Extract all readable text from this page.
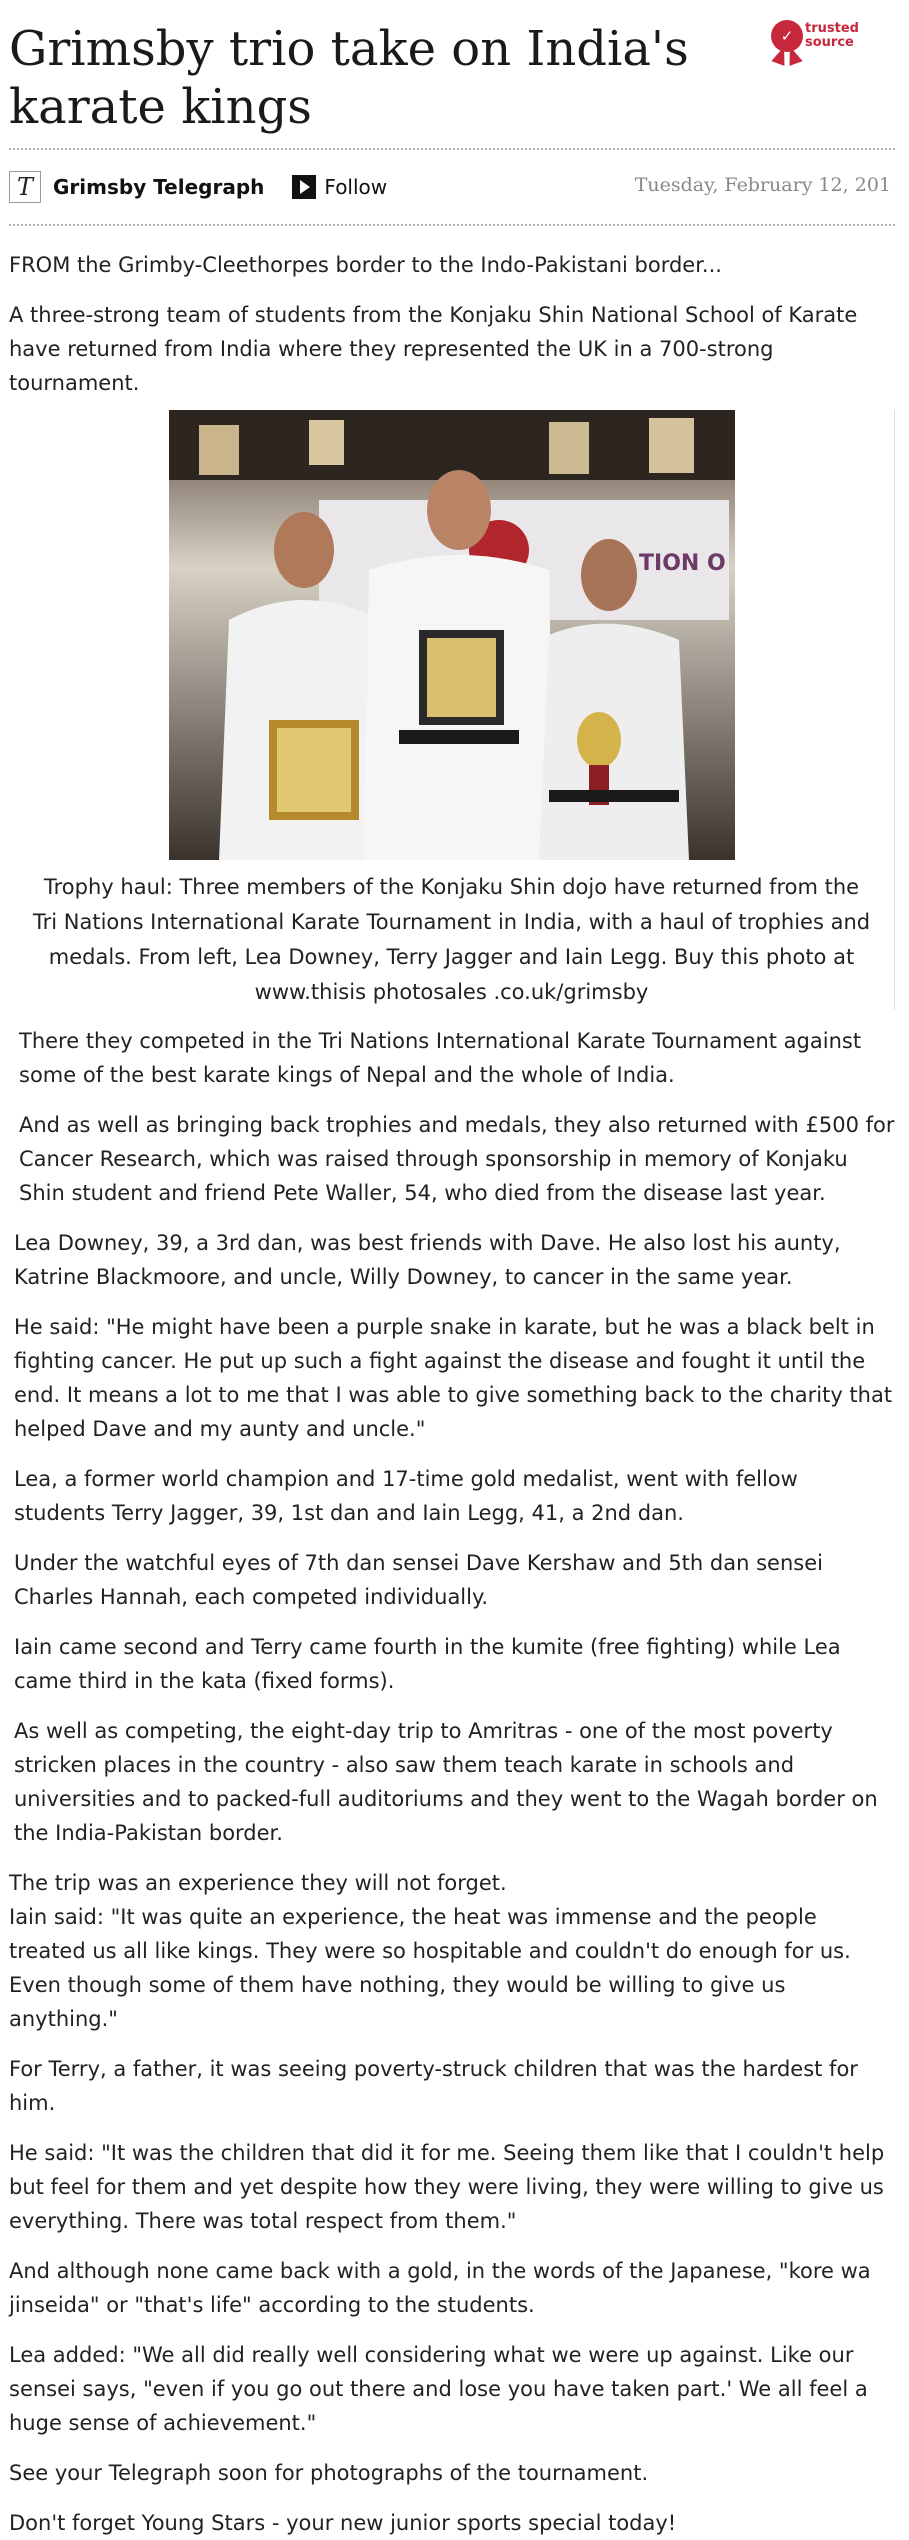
Grimsby trio take on India's karate kings
✓ trusted
source
T	Grimsby Telegraph	Follow	Tuesday, February 12, 201

FROM the Grimby-Cleethorpes border to the Indo-Pakistani border...

A three-strong team of students from the Konjaku Shin National School of Karate have returned from India where they represented the UK in a 700-strong tournament.

TION O
Trophy haul: Three members of the Konjaku Shin dojo have returned from the Tri Nations International Karate Tournament in India, with a haul of trophies and medals. From left, Lea Downey, Terry Jagger and Iain Legg. Buy this photo at www.thisis photosales .co.uk/grimsby

There they competed in the Tri Nations International Karate Tournament against some of the best karate kings of Nepal and the whole of India.

And as well as bringing back trophies and medals, they also returned with £500 for Cancer Research, which was raised through sponsorship in memory of Konjaku Shin student and friend Pete Waller, 54, who died from the disease last year.

Lea Downey, 39, a 3rd dan, was best friends with Dave. He also lost his aunty, Katrine Blackmoore, and uncle, Willy Downey, to cancer in the same year.

He said: "He might have been a purple snake in karate, but he was a black belt in fighting cancer. He put up such a fight against the disease and fought it until the end. It means a lot to me that I was able to give something back to the charity that helped Dave and my aunty and uncle."

Lea, a former world champion and 17-time gold medalist, went with fellow students Terry Jagger, 39, 1st dan and Iain Legg, 41, a 2nd dan.

Under the watchful eyes of 7th dan sensei Dave Kershaw and 5th dan sensei Charles Hannah, each competed individually.

Iain came second and Terry came fourth in the kumite (free fighting) while Lea came third in the kata (fixed forms).

As well as competing, the eight-day trip to Amritras - one of the most poverty stricken places in the country - also saw them teach karate in schools and universities and to packed-full auditoriums and they went to the Wagah border on the India-Pakistan border.

The trip was an experience they will not forget.

Iain said: "It was quite an experience, the heat was immense and the people treated us all like kings. They were so hospitable and couldn't do enough for us. Even though some of them have nothing, they would be willing to give us anything."

For Terry, a father, it was seeing poverty-struck children that was the hardest for him.

He said: "It was the children that did it for me. Seeing them like that I couldn't help but feel for them and yet despite how they were living, they were willing to give us everything. There was total respect from them."

And although none came back with a gold, in the words of the Japanese, "kore wa jinseida" or "that's life" according to the students.

Lea added: "We all did really well considering what we were up against. Like our sensei says, "even if you go out there and lose you have taken part.' We all feel a huge sense of achievement."

See your Telegraph soon for photographs of the tournament.

Don't forget Young Stars - your new junior sports special today!
